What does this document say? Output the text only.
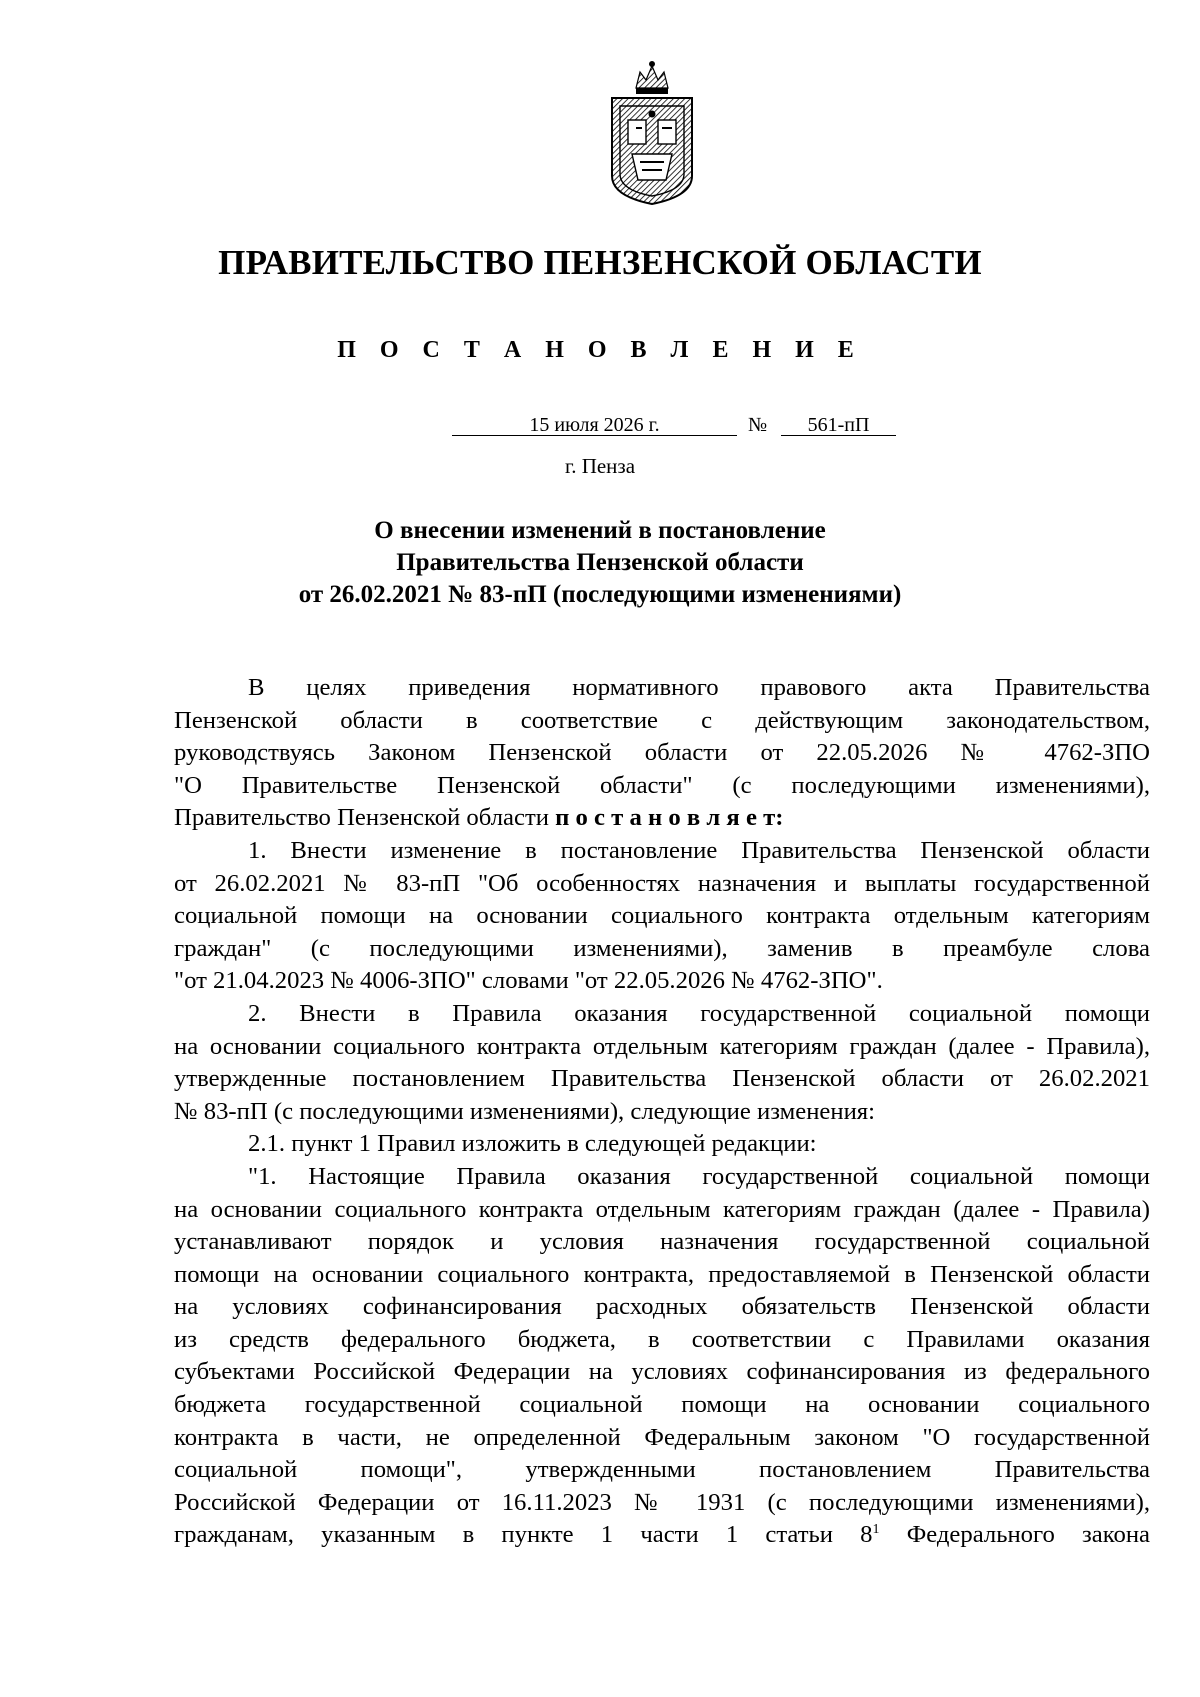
ПРАВИТЕЛЬСТВО ПЕНЗЕНСКОЙ ОБЛАСТИ
П О С Т А Н О В Л Е Н И Е
15 июля 2026 г.	№	561-пП
г. Пенза
О внесении изменений в постановление
Правительства Пензенской области
от 26.02.2021 № 83-пП (последующими изменениями)
В целях приведения нормативного правового акта Правительства
Пензенской области в соответствие с действующим законодательством,
руководствуясь Законом Пензенской области от 22.05.2026 № 4762-ЗПО
"О Правительстве Пензенской области" (с последующими изменениями),
Правительство Пензенской области п о с т а н о в л я е т:
1. Внести изменение в постановление Правительства Пензенской области
от 26.02.2021 № 83-пП "Об особенностях назначения и выплаты государственной
социальной помощи на основании социального контракта отдельным категориям
граждан" (с последующими изменениями), заменив в преамбуле слова
"от 21.04.2023 № 4006-ЗПО" словами "от 22.05.2026 № 4762-ЗПО".
2. Внести в Правила оказания государственной социальной помощи
на основании социального контракта отдельным категориям граждан (далее - Правила),
утвержденные постановлением Правительства Пензенской области от 26.02.2021
№ 83-пП (с последующими изменениями), следующие изменения:
2.1. пункт 1 Правил изложить в следующей редакции:
"1. Настоящие Правила оказания государственной социальной помощи
на основании социального контракта отдельным категориям граждан (далее - Правила)
устанавливают порядок и условия назначения государственной социальной
помощи на основании социального контракта, предоставляемой в Пензенской области
на условиях софинансирования расходных обязательств Пензенской области
из средств федерального бюджета, в соответствии с Правилами оказания
субъектами Российской Федерации на условиях софинансирования из федерального
бюджета государственной социальной помощи на основании социального
контракта в части, не определенной Федеральным законом "О государственной
социальной помощи", утвержденными постановлением Правительства
Российской Федерации от 16.11.2023 № 1931 (с последующими изменениями),
гражданам, указанным в пункте 1 части 1 статьи $8^1$ Федерального закона
